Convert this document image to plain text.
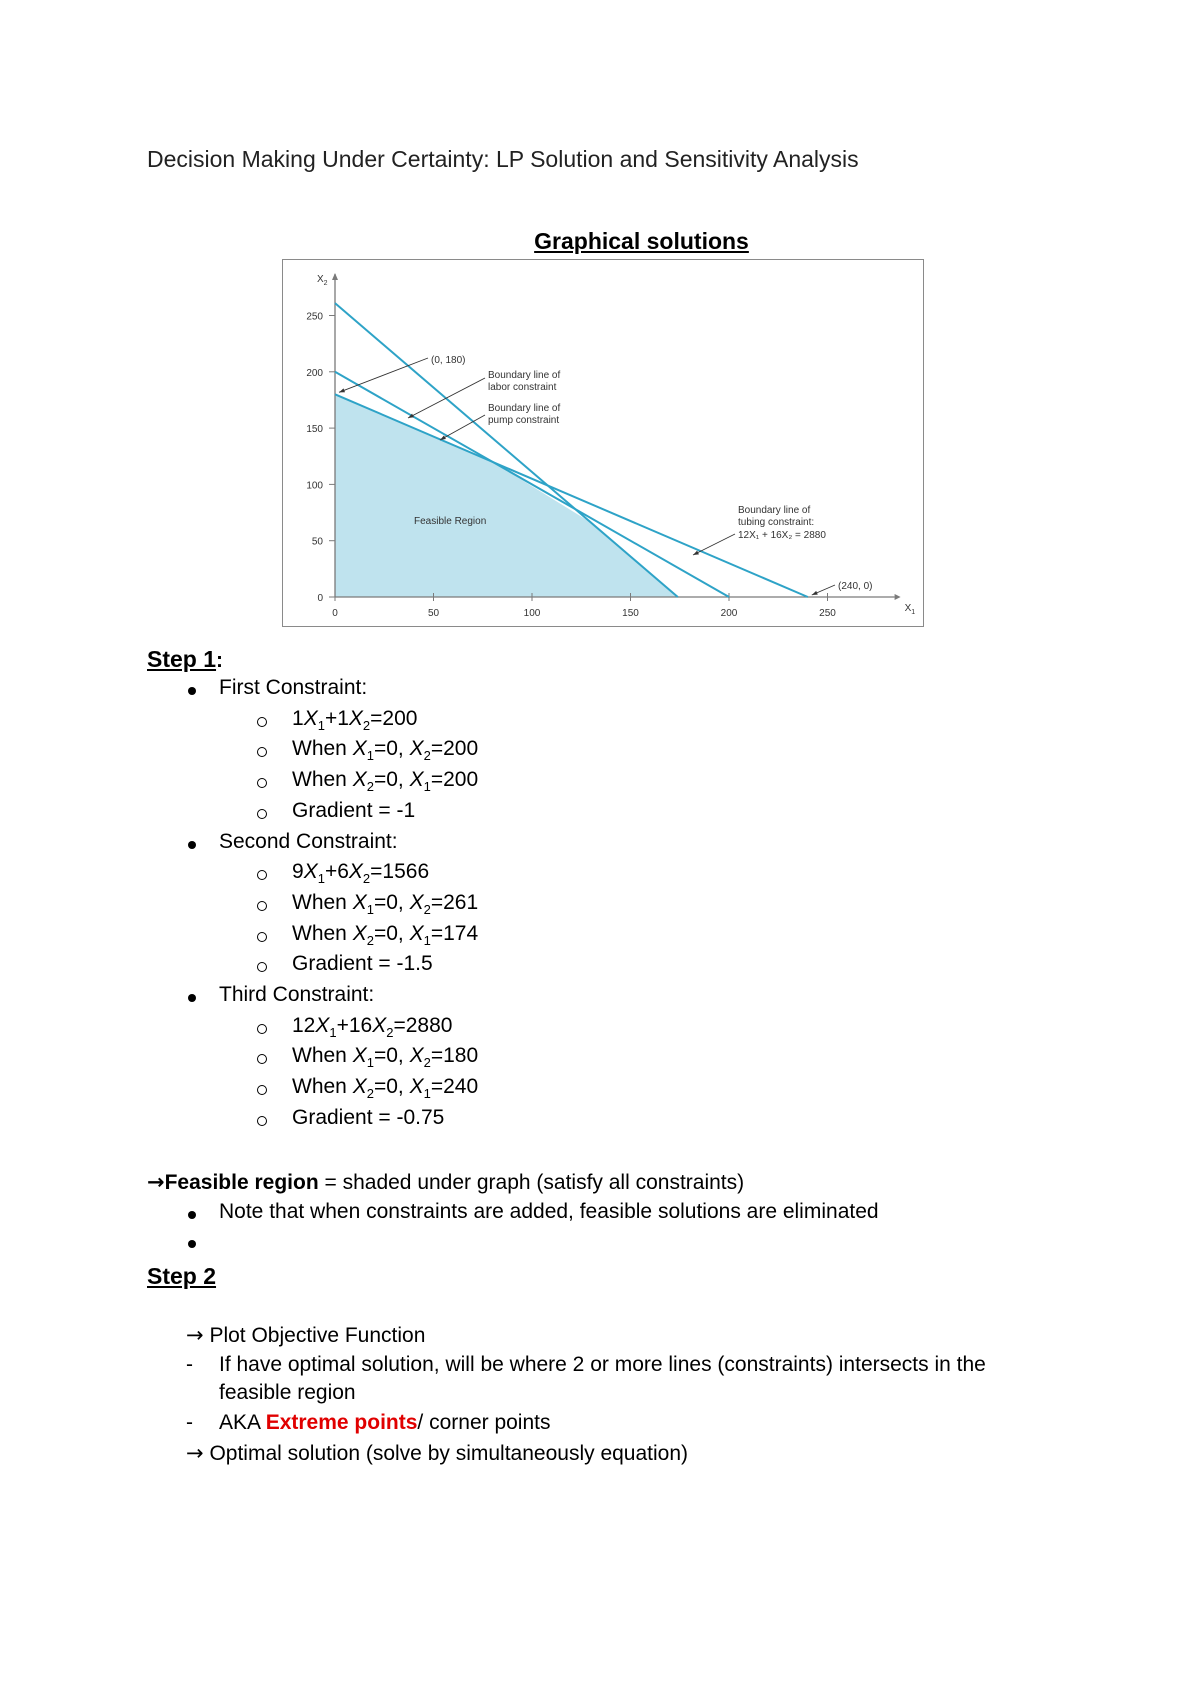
Decision Making Under Certainty: LP Solution and Sensitivity Analysis
Graphical solutions
0	50	100	150	200	250
0
50
100
150
200
250
$X_2$
$X_1$
(0, 180)
Boundary line of
labor constraint
Boundary line of
pump constraint
Boundary line of
tubing constraint:
12X₁ + 16X₂ = 2880
(240, 0)
Feasible Region
Step 1:
First Constraint:
$1X_1+1X_2=200$
When $X_1=0$, $X_2=200$
When $X_2=0$, $X_1=200$
Gradient = -1
Second Constraint:
$9X_1+6X_2=1566$
When $X_1=0$, $X_2=261$
When $X_2=0$, $X_1=174$
Gradient = -1.5
Third Constraint:
$12X_1+16X_2=2880$
When $X_1=0$, $X_2=180$
When $X_2=0$, $X_1=240$
Gradient = -0.75
→Feasible region = shaded under graph (satisfy all constraints)
Note that when constraints are added, feasible solutions are eliminated
Step 2
→ Plot Objective Function
- If have optimal solution, will be where 2 or more lines (constraints) intersects in the
feasible region
- AKA Extreme points/ corner points
→ Optimal solution (solve by simultaneously equation)
